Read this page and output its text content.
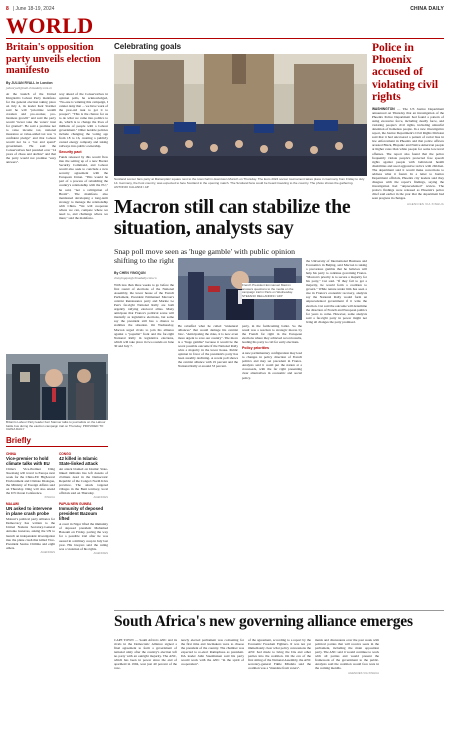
8 | June 18-19, 2024	CHINA DAILY
WORLD
Britain's opposition party unveils election manifesto
By JULIAN RYALL in London
julianryall@mail.chinadaily.com.cn
At the launch of the United Kingdom's Labour Party manifesto for the general election taking place on July 4, its leader Keir Starmer said he will "prioritize wealth creation and pro-worker, pro-business growth" and said the party would "never take the voters' trust for granted". He said a promise not to raise income tax, national insurance or value-added tax was "a confident pledge" and that Labour would not be a "tax and spend" government. He said the Conservatives had presided over "14 years of chaos and decline" and that the party would not promise "easy answers".
way ahead of the Conservatives in opinion polls, he acknowledged, "No-one is winning this campaign, I cannot deny that ... we have work of the year-old task to get it to prosper". "This is the chance for us to do what we came into politics to do, which is to change the lives of millions of people with a Labour government." Other notable policies include changing the voting age from 18 to 16, creating a publicly owned energy company and taking railways into public ownership.
Security pact
Funds released by this would flow into the setting up of a new Border Security Command, and Labour would also seek to conclude a new security agreement with the European Union. "This would be part of a process of rebuilding the country's relationship with the EU," he said, "not a relitigation of Brexit". The manifesto also mentioned developing a long-term strategy to manage the relationship with China. "We will cooperate where we can, compete where we need to, and challenge where we must," said the manifesto.
Britain's Labour Party leader Keir Starmer talks to journalists on the Labour battle bus during the election campaign trail on Thursday. PROVIDED TO CHINA DAILY
Celebrating goals
Scotland soccer fans party at Marienplatz square next to the town hall in downtown Munich on Thursday. The Euro 2024 soccer tournament takes place in Germany from Friday to July 14. Germany, the host country, was expected to face Scotland in the opening match. The Scotland fans could be heard traveling to the country. The photo shows the gathering. ANTONIO CALANNI / AP
Police in Phoenix accused of violating civil rights
WASHINGTON — The US Justice Department announced on Thursday that an investigation of the Phoenix Police Department had found a pattern of using excessive force, including deadly force, and violating people's civil rights, including unlawful detention of homeless people. In a new investigative report, the Justice Department's Civil Rights Division said that it had uncovered a pattern of racial bias in law enforcement in Phoenix and that police officers arrested Black, Hispanic and Native American people at higher rates than white people for some low-level offenses. The report also found that the police frequently violate people's protected free speech rights against people with behavioral health disabilities and used aggressive tactics with children. The department said it would make corrections to address what it found. In a letter to Justice Department officials, Phoenix city leaders said they disagree with the report's findings, saying the investigation had "unprecedented" review. The probe's findings were released as Phoenix's police chief said earlier in the year that the department had seen progress in changes.
AGENCIES VIA XINHUA
Macron still can stabilize the situation, analysts say
Snap poll move seen as 'huge gamble' with public opinion shifting to the right
By CHEN YINGQUN
chenyingqun@chinadaily.com.cn
With less than three weeks to go before the first round of elections of the National Assembly, the lower house of the French Parliament, President Emmanuel Macron's centrist Renaissance party and Marine Le Pen's far-right National Rally are both urgently rallying electoral allies. Many anticipate that France's political scene will intensify as legislative elections, but some say the president still has a chance to stabilize the situation. On Wednesday, Macron urged rivals to join his alliance against a "populist" front and the far-right National Rally in legislative elections, which will take place in two rounds on June 30 and July 7.
He rebuffed what he called "unnatural alliances" that would damage his centrist bloc. "Anticipating the risks, it is now even more urgent to save our country". The move is a "huge gamble" because it would be the worst possible outcome if the National Rally wins a majority in the lower house. Public opinion in favor of the president's party has been steadily declining. A recent poll shows the centrist alliance with 19 percent and the National Rally at around 33 percent.
French President Emmanuel Macron answers questions to the media on the campaign trail in Paris on Wednesday. STEFANO RELLANDINI / AFP
party, in the forthcoming ballot. So the result was a reaction to strategic moves by the French far right in the European elections where they achieved record results, leading his party to call for early elections.
Policy priorities
A new parliamentary configuration may lead to changes in policy direction of French politics and may set precedent in France. Analysts said it could put the nation at a crossroads, with the far right presenting clear alternatives in economic and social policy.
the University of International Business and Economics in Beijing, said Macron is taking a precarious gamble that he believes will help his party to continue governing France. "Macron's priority is to secure a majority for his party," Cui said. "If they fail to get a majority, he would form a coalition to govern." While tenure under him has seen a rise in France's economic recovery, analysts say the National Rally would form an unprecedented government if it wins the election. Cui said the outcome will determine the direction of French and European politics for years to come. However, some analysts said a far-right party in power might not bring all changes the party promised.
Briefly
CHINA
Vice-premier to hold climate talks with EU
China's Vice-Premier Ding Xuexiang will travel to Europe next week for the China-EU High-level Environment and Climate Dialogue, the Ministry of Foreign Affairs said on Thursday. Ding will also attend the UN Ocean Conference.
XINHUA
MALAWI
UN asked to intervene in plane crash probe
Malawi's political party Alliance for Democracy has written to the United Nations Secretary-General Antonio Guterres, asking the UN to launch an independent investigation into the plane crash that killed Vice-President Saulos Chilima and eight others.
AGENCIES
CONGO
42 killed in Islamic State-linked attack
An attack blamed on Islamic State-linked militants has left dozens of civilians dead in the Democratic Republic of the Congo's North Kivu province. The attack targeted villages in the Beni territory, local officials said on Thursday.
AGENCIES
PAPUA NEW GUINEA
Immunity of deposed president Bazoum lifted
A court in Niger lifted the immunity of deposed president Mohamed Bazoum on Friday, paving the way for a possible trial after he was ousted in a military coup in July last year. His lawyers said the ruling was a violation of his rights.
AGENCIES
South Africa's new governing alliance emerges
CAPE TOWN — South Africa's ANC and its rivals in the Democratic Alliance signed a final agreement to form a government of national unity after the country's election left no party with an outright majority. The ANC, which has been in power since the end of apartheid in 1994, won just 40 percent of the vote.
newly elected parliament was convening for the first time and lawmakers were to choose the president of the country. The chamber was expected to re-elect Ramaphosa as president. DA leader John Steenhuisen said his party would work with the ANC "in the spirit of cooperation".
of the agreement, according to a report by the Economic Freedom Fighters. It was not yet immediately clear what policy concessions the ANC had made to bring the DA and other parties into the coalition. On the eve of the first sitting of the National Assembly, the ANC secretary-general Fikile Mbalula said the coalition was a "mandate from voters".
ments and discussions over the past week with political parties that will receive seats in the parliament, including the main opposition party. The ANC said it would continue to work with all parties and would present the framework of the government to the public. Analysts said the coalition would face tests in the coming months.
AGENCIES VIA XINHUA
